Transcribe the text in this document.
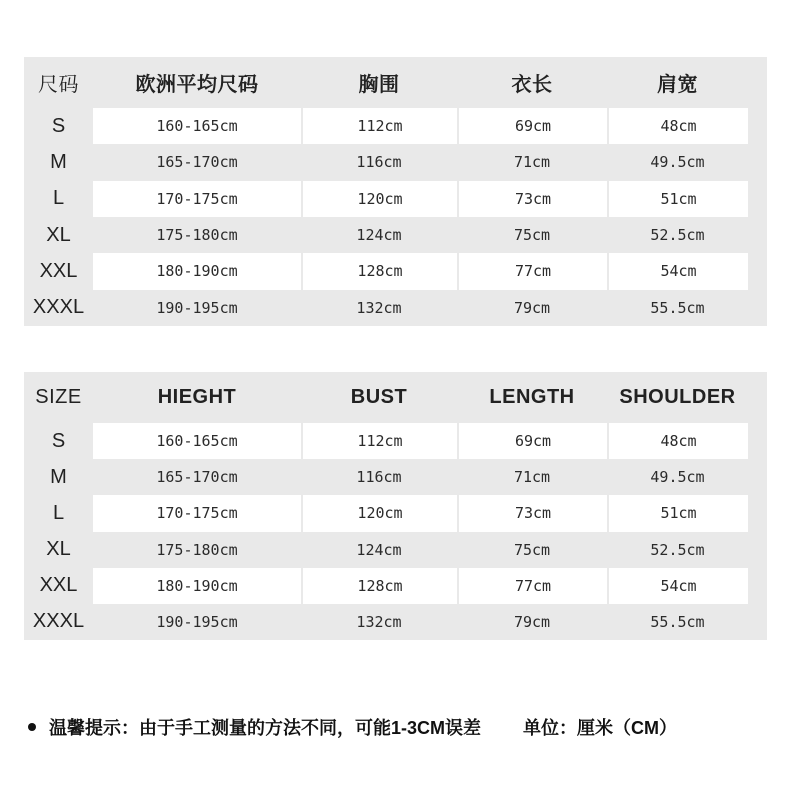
尺码	欧洲平均尺码	胸围	衣长	肩宽
S	160-165cm	112cm	69cm	48cm
M	165-170cm	116cm	71cm	49.5cm
L	170-175cm	120cm	73cm	51cm
XL	175-180cm	124cm	75cm	52.5cm
XXL	180-190cm	128cm	77cm	54cm
XXXL	190-195cm	132cm	79cm	55.5cm
SIZE	HIEGHT	BUST	LENGTH	SHOULDER
S	160-165cm	112cm	69cm	48cm
M	165-170cm	116cm	71cm	49.5cm
L	170-175cm	120cm	73cm	51cm
XL	175-180cm	124cm	75cm	52.5cm
XXL	180-190cm	128cm	77cm	54cm
XXXL	190-195cm	132cm	79cm	55.5cm
温馨提示：由于手工测量的方法不同，可能1-3CM误差 单位：厘米（CM）
